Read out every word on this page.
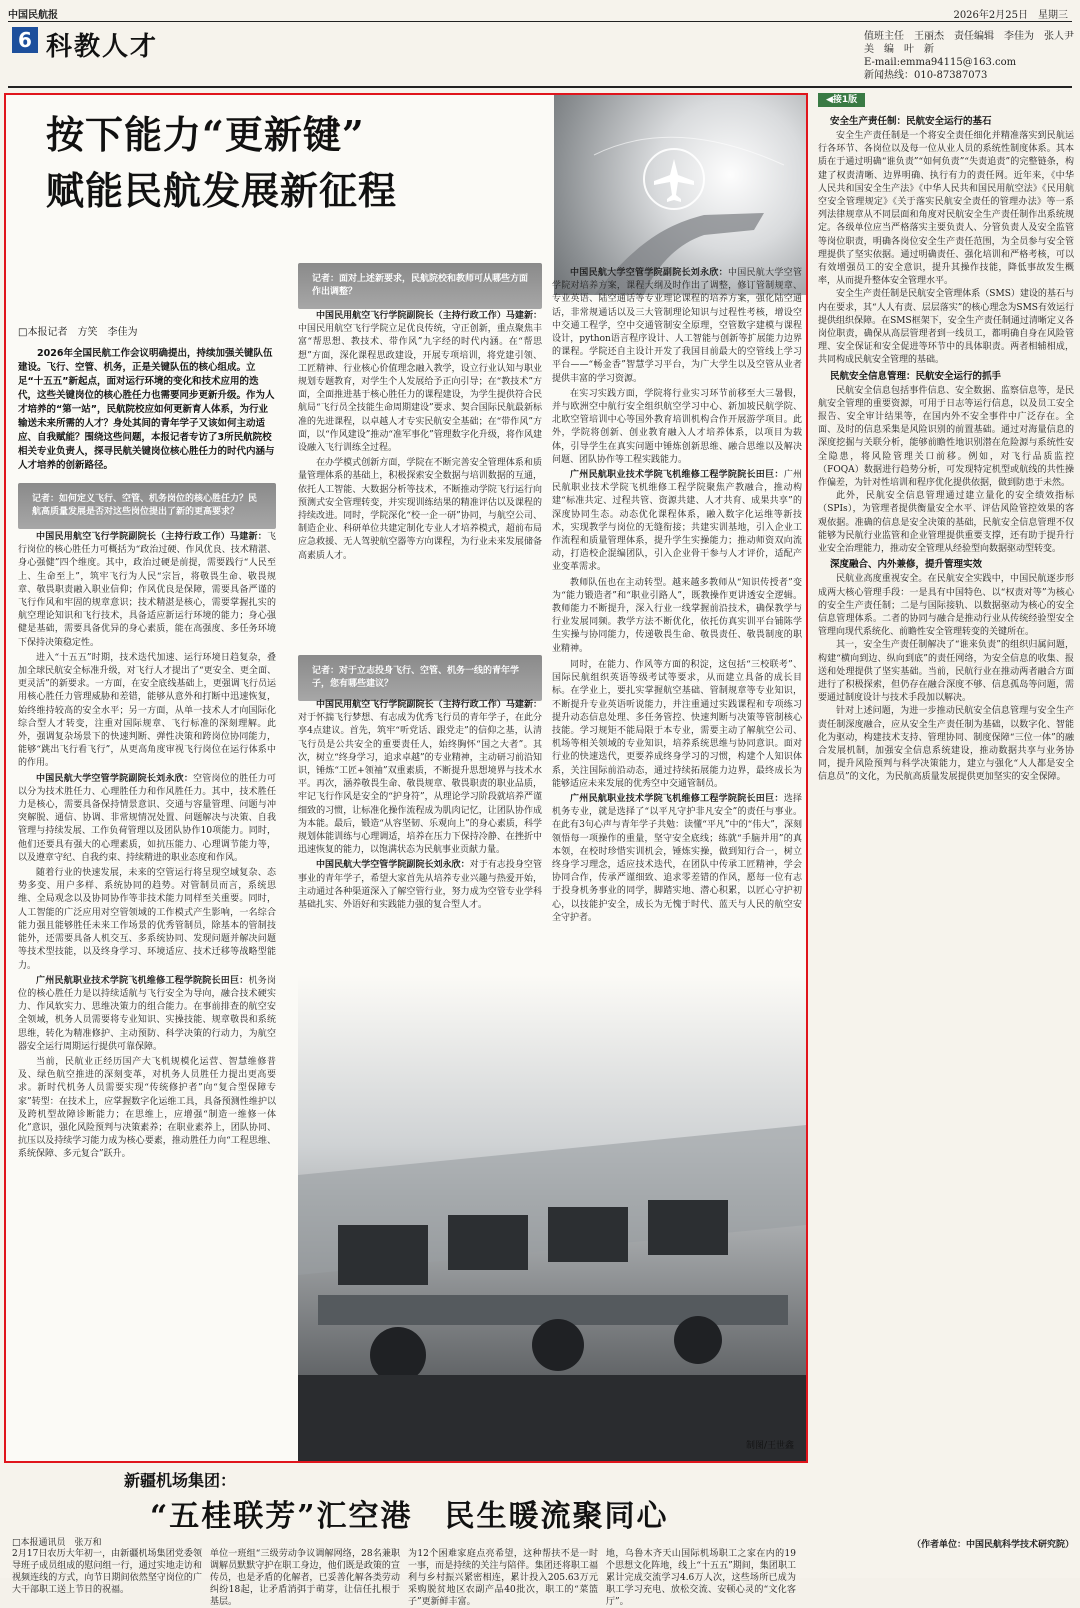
中国民航报	2026年2月25日　星期三
6 科教人才	值班主任　王丽杰　责任编辑　李佳为　张人尹
美　编　叶　新
E-mail:emma94115@163.com
新闻热线：010-87387073
按下能力“更新键”
赋能民航发展新征程
□本报记者　方笑　李佳为
2026年全国民航工作会议明确提出，持续加强关键队伍建设。飞行、空管、机务，正是关键队伍的核心组成。立足“十五五”新起点，面对运行环境的变化和技术应用的迭代，这些关键岗位的核心胜任力也需要同步更新升级。作为人才培养的“第一站”，民航院校应如何更新育人体系，为行业输送未来所需的人才？身处其间的青年学子又该如何主动适应、自我赋能？围绕这些问题，本报记者专访了3所民航院校相关专业负责人，探寻民航关键岗位核心胜任力的时代内涵与人才培养的创新路径。
记者：如何定义飞行、空管、机务岗位的核心胜任力？民航高质量发展是否对这些岗位提出了新的更高要求？

中国民用航空飞行学院副院长（主持行政工作）马建新：飞行岗位的核心胜任力可概括为“政治过硬、作风优良、技术精湛、身心强健”四个维度。其中，政治过硬是前提，需要践行“人民至上、生命至上”，筑牢飞行为人民“宗旨，将敬畏生命、敬畏规章、敬畏职责融入职业信仰；作风优良是保障，需要具备严谨的飞行作风和牢固的规章意识；技术精湛是核心，需要掌握扎实的航空理论知识和飞行技术，具备适应新运行环境的能力；身心强健是基础，需要具备优异的身心素质，能在高强度、多任务环境下保持决策稳定性。

进入“十五五”时期，技术迭代加速、运行环境日趋复杂，叠加全球民航安全标准升级，对飞行人才提出了“更安全、更全面、更灵活”的新要求。一方面，在安全底线基础上，更强调飞行员运用核心胜任力管理威胁和差错，能够从意外和打断中迅速恢复，始终维持较高的安全水平；另一方面，从单一技术人才向国际化综合型人才转变，注重对国际规章、飞行标准的深刻理解。此外，强调复杂场景下的快速判断、弹性决策和跨岗位协同能力，能够“跳出飞行看飞行”，从更高角度审视飞行岗位在运行体系中的作用。

中国民航大学空管学院副院长刘永欣：空管岗位的胜任力可以分为技术胜任力、心理胜任力和作风胜任力。其中，技术胜任力是核心，需要具备保持情景意识、交通与容量管理、问题与冲突解脱、通信、协调、非常规情况处置、问题解决与决策、自我管理与持续发展、工作负荷管理以及团队协作10项能力。同时，他们还要具有强大的心理素质，如抗压能力、心理调节能力等，以及遵章守纪、自我约束、持续精进的职业态度和作风。

随着行业的快速发展，未来的空管运行将呈现空域复杂、态势多变、用户多样、系统协同的趋势。对管制员而言，系统思维、全局观念以及协同协作等非技术能力同样至关重要。同时，人工智能的广泛应用对空管领域的工作模式产生影响，一名综合能力强且能够胜任未来工作场景的优秀管制员，除基本的管制技能外，还需要具备人机交互、多系统协同、发现问题并解决问题等技术型技能，以及终身学习、环境适应、技术迁移等战略型能力。

广州民航职业技术学院飞机维修工程学院院长田巨：机务岗位的核心胜任力是以持续适航与飞行安全为导向，融合技术硬实力、作风软实力、思维决策力的组合能力。在事前排查的航空安全领域，机务人员需要将专业知识、实操技能、规章敬畏和系统思维，转化为精准修护、主动预防、科学决策的行动力，为航空器安全运行周期运行提供可靠保障。

当前，民航业正经历国产大飞机规模化运营、智慧维修普及、绿色航空推进的深刻变革，对机务人员胜任力提出更高要求。新时代机务人员需要实现“传统修护者”向“复合型保障专家”转型：在技术上，应掌握数字化运维工具，具备预测性维护以及跨机型故障诊断能力；在思维上，应增强“制造一维修一体化”意识，强化风险预判与决策素养；在职业素养上，团队协同、抗压以及持续学习能力成为核心要素，推动胜任力向“工程思维、系统保障、多元复合”跃升。

记者：面对上述新要求，民航院校和教师可从哪些方面作出调整？

中国民用航空飞行学院副院长（主持行政工作）马建新：中国民用航空飞行学院立足优良传统，守正创新，重点聚焦丰富“帮思想、教技术、带作风”九字经的时代内涵。在“帮思想”方面，深化课程思政建设，开展专项培训，将党建引领、工匠精神、行业核心价值理念融入教学，设立行业认知与职业规划专题教育，对学生个人发展给予正向引导；在“教技术”方面，全面推进基于核心胜任力的课程建设，为学生提供符合民航局“飞行员全技能生命周期建设”要求、契合国际民航最新标准的先进课程，以卓越人才专实民航安全基础；在“带作风”方面，以“作风建设”推动“准军事化”管理数字化升级，将作风建设融入飞行训练全过程。

在办学模式创新方面，学院在不断完善安全管理体系和质量管理体系的基础上，积极探索安全数据与培训数据的互通，依托人工智能、大数据分析等技术，不断推动学院飞行运行向预测式安全管理转变，并实现训练结果的精准评估以及课程的持续改进。同时，学院深化“校一企一研”协同，与航空公司、制造企业、科研单位共建定制化专业人才培养模式，超前布局应急救援、无人驾驶航空器等方向课程，为行业未来发展储备高素质人才。

中国民航大学空管学院副院长刘永欣：中国民航大学空管学院对培养方案，课程大纲及时作出了调整，修订管制规章、专业英语、陆空通话等专业理论课程的培养方案，强化陆空通话，非常规通话以及三大管制理论知识与过程性考核，增设空中交通工程学，空中交通管制安全原理，空管数字建模与课程设计，python语言程序设计、人工智能与创新等扩展能力边界的课程。学院还自主设计开发了我国目前最大的空管线上学习平台——“畅金香”智慧学习平台，为广大学生以及空管从业者提供丰富的学习资源。

在实习实践方面，学院将行业实习环节前移至大三暑假，并与欧洲空中航行安全组织航空学习中心、新加坡民航学院、北欧空管培训中心等国外教育培训机构合作开展游学项目。此外，学院将创新、创业教育融入人才培养体系，以项目为载体，引导学生在真实问题中锤炼创新思维、融合思维以及解决问题、团队协作等工程实践能力。

广州民航职业技术学院飞机维修工程学院院长田巨：广州民航职业技术学院飞机维修工程学院聚焦产教融合，推动构建“标准共定、过程共管、资源共建、人才共育、成果共享”的深度协同生态。动态优化课程体系，融入数字化运维等新技术，实现教学与岗位的无缝衔接；共建实训基地，引入企业工作流程和质量管理体系，提升学生实操能力；推动师资双向流动，打造校企混编团队，引入企业骨干参与人才评价，适配产业变革需求。

教师队伍也在主动转型。越来越多教师从“知识传授者”变为“能力锻造者”和“职业引路人”，既教操作更讲透安全逻辑。教师能力不断提升，深入行业一线掌握前沿技术，确保教学与行业发展同频。教学方法不断优化，依托仿真实训平台铺陈学生实操与协同能力，传递敬畏生命、敬畏责任、敬畏制度的职业精神。

记者：对于立志投身飞行、空管、机务一线的青年学子，您有哪些建议？

中国民用航空飞行学院副院长（主持行政工作）马建新：对于怀揣飞行梦想、有志成为优秀飞行员的青年学子，在此分享4点建议。首先，筑牢“听党话、跟党走”的信仰之基，认清飞行员是公共安全的重要责任人，始终胸怀“国之大者”。其次，树立“终身学习，追求卓越”的专业精神，主动研习前沿知识，锤炼“工匠+领袖”双重素质，不断提升思想境界与技术水平。再次，涵养敬畏生命、敬畏规章、敬畏职责的职业品质，牢记飞行作风是安全的“护身符”，从理论学习阶段就培养严谨细致的习惯，让标准化操作流程成为肌肉记忆，让团队协作成为本能。最后，锻造“从容坚韧、乐观向上”的身心素质，科学规划体能训练与心理调适，培养在压力下保持冷静、在挫折中迅速恢复的能力，以饱满状态为民航事业贡献力量。

中国民航大学空管学院副院长刘永欣：对于有志投身空管事业的青年学子，希望大家首先从培养专业兴趣与热爱开始，主动通过各种渠道深入了解空管行业，努力成为空管专业学科基础扎实、外语好和实践能力强的复合型人才。

同时，在能力、作风等方面的积淀，这包括“三校联考”、国际民航组织英语等级考试等要求，从而建立具备的成长目标。在学业上，要扎实掌握航空基础、管制规章等专业知识，不断提升专业英语听说能力，并注重通过实践课程和专项练习提升动态信息处理、多任务管控、快速判断与决策等管制核心技能。学习规矩不能局限于本专业，需要主动了解航空公司、机场等相关领域的专业知识，培养系统思维与协同意识。面对行业的快速迭代，更要养成终身学习的习惯，构建个人知识体系，关注国际前沿动态，通过持续拓展能力边界，最终成长为能够适应未来发展的优秀空中交通管制员。

广州民航职业技术学院飞机维修工程学院院长田巨：选择机务专业，就是选择了“以平凡守护非凡安全”的责任与事业。在此有3句心声与青年学子共勉：读懂“平凡”中的“伟大”，深刻领悟每一项操作的重量，坚守安全底线；练就“手脑并用”的真本领，在校时珍惜实训机会，锤炼实操，做到知行合一，树立终身学习理念，适应技术迭代，在团队中传承工匠精神，学会协同合作，传承严谨细致、追求零差错的作风，愿每一位有志于投身机务事业的同学，脚踏实地、潜心积累，以匠心守护初心，以技能护安全，成长为无愧于时代、蓝天与人民的航空安全守护者。

制图/王世鑫
◀接1版
安全生产责任制：民航安全运行的基石

安全生产责任制是一个将安全责任细化并精准落实到民航运行各环节、各岗位以及每一位从业人员的系统性制度体系。其本质在于通过明确“谁负责”“如何负责”“失责追责”的完整链条，构建了权责清晰、边界明确、执行有力的责任网。近年来，《中华人民共和国安全生产法》《中华人民共和国民用航空法》《民用航空安全管理规定》《关于落实民航安全责任的管理办法》等一系列法律规章从不同层面和角度对民航安全生产责任制作出系统规定。各级单位应当严格落实主要负责人、分管负责人及安全监管等岗位职责，明确各岗位安全生产责任范围，为全员参与安全管理提供了坚实依据。通过明确责任、强化培训和严格考核，可以有效增强员工的安全意识，提升其操作技能，降低事故发生概率，从而提升整体安全管理水平。

安全生产责任制是民航安全管理体系（SMS）建设的基石与内在要求，其“人人有责、层层落实”的核心理念为SMS有效运行提供组织保障。在SMS框架下，安全生产责任制通过清晰定义各岗位职责，确保从高层管理者到一线员工，都明确自身在风险管理、安全保证和安全促进等环节中的具体职责。两者相辅相成，共同构成民航安全管理的基础。

民航安全信息管理：民航安全运行的抓手

民航安全信息包括事件信息、安全数据、监察信息等，是民航安全管理的重要资源，可用于日志等运行信息，以及员工安全报告、安全审计结果等，在国内外不安全事件中广泛存在。全面、及时的信息采集是风险识别的前置基础。通过对海量信息的深度挖掘与关联分析，能够前瞻性地识别潜在危险源与系统性安全隐患，将风险管理关口前移。例如，对飞行品质监控（FOQA）数据进行趋势分析，可发现特定机型或航线的共性操作偏差，为针对性培训和程序优化提供依据，做到防患于未然。

此外，民航安全信息管理通过建立量化的安全绩效指标（SPIs），为管理者提供衡量安全水平、评估风险管控效果的客观依据。准确的信息是安全决策的基础，民航安全信息管理不仅能够为民航行业监管和企业管理提供重要支撑，还有助于提升行业安全治理能力，推动安全管理从经验型向数据驱动型转变。

深度融合、内外兼修，提升管理实效

民航业高度重视安全。在民航安全实践中，中国民航逐步形成两大核心管理手段：一是具有中国特色、以“权责对等”为核心的安全生产责任制；二是与国际接轨、以数据驱动为核心的安全信息管理体系。二者的协同与融合是推动行业从传统经验型安全管理向现代系统化、前瞻性安全管理转变的关键所在。

其一，安全生产责任制解决了“谁来负责”的组织归属问题，构建“横向到边、纵向到底”的责任网络，为安全信息的收集、报送和处理提供了坚实基础。当前，民航行业在推动两者融合方面进行了积极探索，但仍存在融合深度不够、信息孤岛等问题，需要通过制度设计与技术手段加以解决。

针对上述问题，为进一步推动民航安全信息管理与安全生产责任制深度融合，应从安全生产责任制为基础，以数字化、智能化为驱动，构建技术支持、管理协同、制度保障“三位一体”的融合发展机制，加强安全信息系统建设，推动数据共享与业务协同，提升风险预判与科学决策能力，建立与强化“人人都是安全信息员”的文化，为民航高质量发展提供更加坚实的安全保障。

（作者单位：中国民航科学技术研究院）
新疆机场集团：
“五桂联芳”汇空港　民生暖流聚同心
□本报通讯员　张万和
2月17日农历大年初一，由新疆机场集团党委领导班子成员组成的慰问组一行，通过实地走访和视频连线的方式，向节日期间依然坚守岗位的广大干部职工送上节日的祝福。
单位一班组“三级劳动争议调解网络，28名兼职调解员默默守护在职工身边，他们既是政策的宣传员，也是矛盾的化解者，已妥善化解各类劳动纠纷18起，让矛盾消弭于萌芽，让信任扎根于基层。
为12个困难家庭点亮希望，这种帮扶不是一时一事，而是持续的关注与陪伴。集团还将职工福利与乡村振兴紧密相连，累计投入205.63万元采购脱贫地区农副产品40批次，职工的“菜篮子”更新鲜丰富。
地，乌鲁木齐天山国际机场职工之家在内的19个思想文化阵地，线上“十五五”期间，集团职工累计完成交流学习4.6万人次，这些场所已成为职工学习充电、放松交流、安顿心灵的“文化客厅”。
